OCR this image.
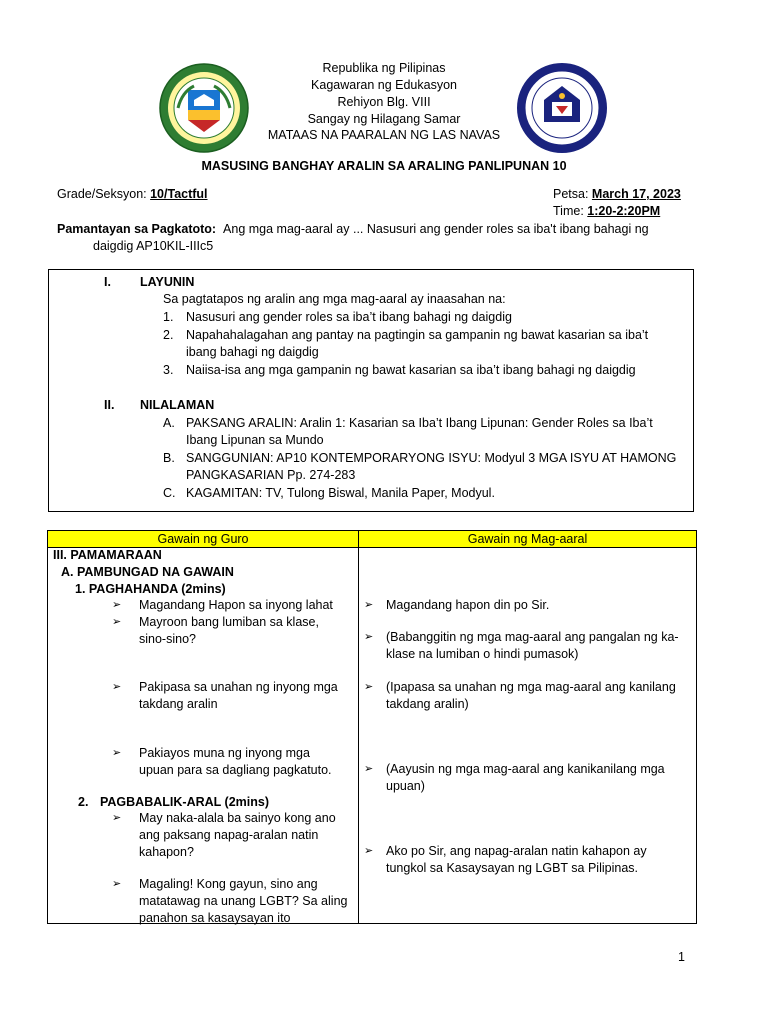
Republika ng Pilipinas
Kagawaran ng Edukasyon
Rehiyon Blg. VIII
Sangay ng Hilagang Samar
MATAAS NA PAARALAN NG LAS NAVAS
MASUSING BANGHAY ARALIN SA ARALING PANLIPUNAN 10
Grade/Seksyon: 10/Tactful	Petsa: March 17, 2023
Time: 1:20-2:20PM
Pamantayan sa Pagkatoto: Ang mga mag-aaral ay ... Nasusuri ang gender roles sa iba't ibang bahagi ng
daigdig AP10KIL-IIIc5
I. LAYUNIN
Sa pagtatapos ng aralin ang mga mag-aaral ay inaasahan na:
1. Nasusuri ang gender roles sa iba’t ibang bahagi ng daigdig
2. Napahahalagahan ang pantay na pagtingin sa gampanin ng bawat kasarian sa iba’t
ibang bahagi ng daigdig
3. Naiisa-isa ang mga gampanin ng bawat kasarian sa iba’t ibang bahagi ng daigdig
II. NILALAMAN
A. PAKSANG ARALIN: Aralin 1: Kasarian sa Iba’t Ibang Lipunan: Gender Roles sa Iba’t
Ibang Lipunan sa Mundo
B. SANGGUNIAN: AP10 KONTEMPORARYONG ISYU: Modyul 3 MGA ISYU AT HAMONG
PANGKASARIAN Pp. 274-283
C. KAGAMITAN: TV, Tulong Biswal, Manila Paper, Modyul.
Gawain ng Guro	Gawain ng Mag-aaral
III. PAMAMARAAN
A. PAMBUNGAD NA GAWAIN
1. PAGHAHANDA (2mins)
➢ Magandang Hapon sa inyong lahat
➢ Mayroon bang lumiban sa klase,
sino-sino?
➢ Pakipasa sa unahan ng inyong mga
takdang aralin
➢ Pakiayos muna ng inyong mga
upuan para sa dagliang pagkatuto.
2. PAGBABALIK-ARAL (2mins)
➢ May naka-alala ba sainyo kong ano
ang paksang napag-aralan natin
kahapon?
➢ Magaling! Kong gayun, sino ang
matatawag na unang LGBT? Sa aling
panahon sa kasaysayan ito
➢ Magandang hapon din po Sir.
➢ (Babanggitin ng mga mag-aaral ang pangalan ng ka-
klase na lumiban o hindi pumasok)
➢ (Ipapasa sa unahan ng mga mag-aaral ang kanilang
takdang aralin)
➢ (Aayusin ng mga mag-aaral ang kanikanilang mga
upuan)
➢ Ako po Sir, ang napag-aralan natin kahapon ay
tungkol sa Kasaysayan ng LGBT sa Pilipinas.
1
